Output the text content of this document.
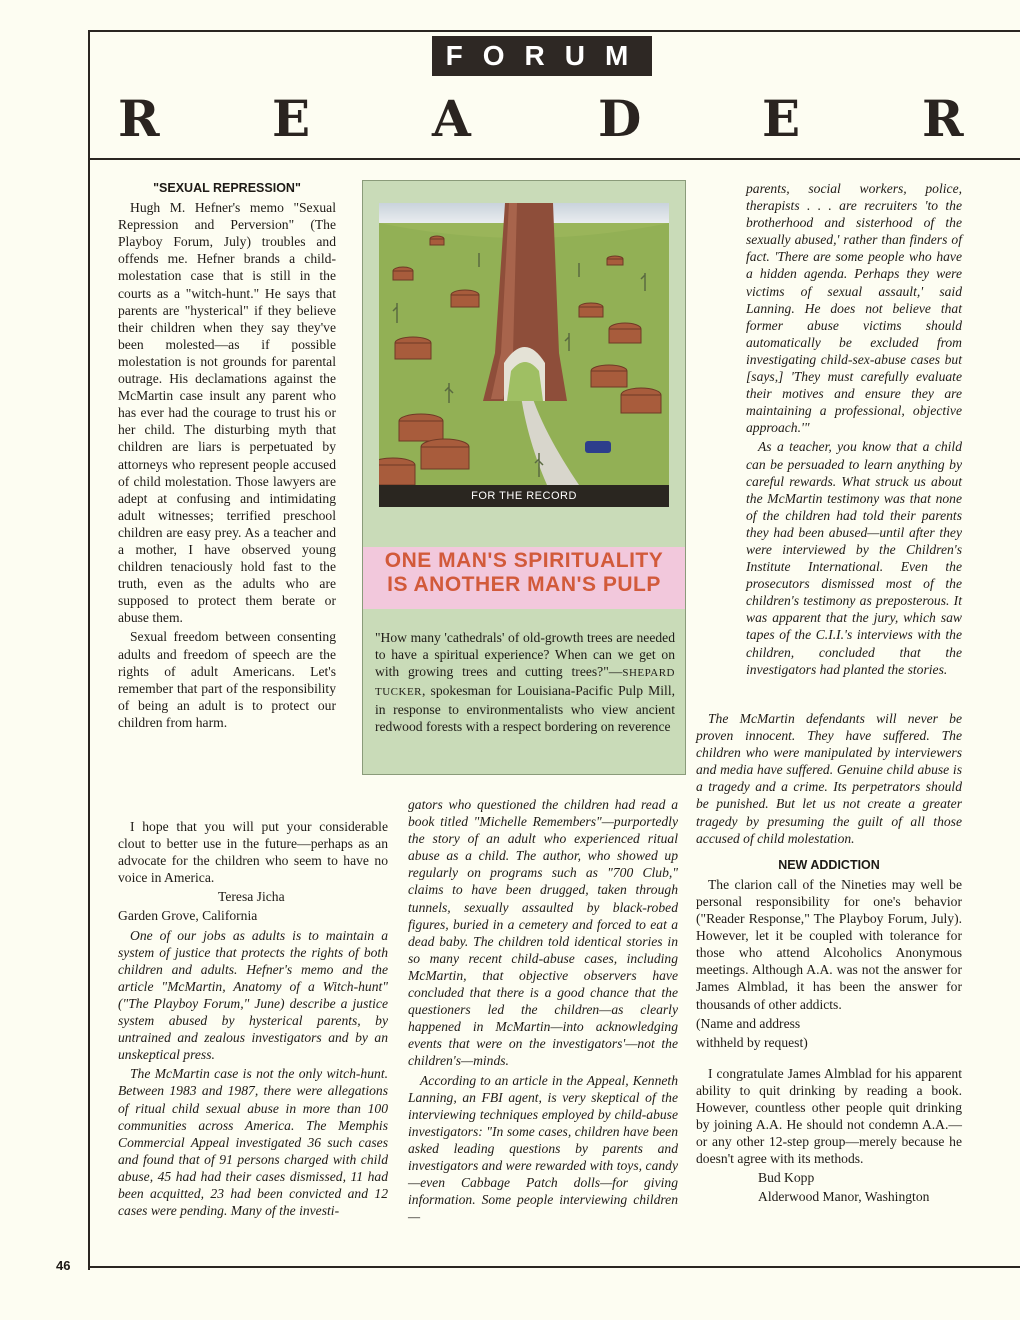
FORUM
R E A	D E R
"SEXUAL REPRESSION"

Hugh M. Hefner's memo "Sexual Repression and Perversion" (The Playboy Forum, July) troubles and offends me. Hefner brands a child-molestation case that is still in the courts as a "witch-hunt." He says that parents are "hysterical" if they believe their children when they say they've been molested—as if possible molestation is not grounds for parental outrage. His declamations against the McMartin case insult any parent who has ever had the courage to trust his or her child. The disturbing myth that children are liars is perpetuated by attorneys who represent people accused of child molestation. Those lawyers are adept at confusing and intimidating adult witnesses; terrified preschool children are easy prey. As a teacher and a mother, I have observed young children tenaciously hold fast to the truth, even as the adults who are supposed to protect them berate or abuse them.

Sexual freedom between consenting adults and freedom of speech are the rights of adult Americans. Let's remember that part of the responsibility of being an adult is to protect our children from harm.

I hope that you will put your considerable clout to better use in the future—perhaps as an advocate for the children who seem to have no voice in America.

Teresa Jicha

Garden Grove, California

One of our jobs as adults is to maintain a system of justice that protects the rights of both children and adults. Hefner's memo and the article "McMartin, Anatomy of a Witch-hunt" ("The Playboy Forum," June) describe a justice system abused by hysterical parents, by untrained and zealous investigators and by an unskeptical press.

The McMartin case is not the only witch-hunt. Between 1983 and 1987, there were allegations of ritual child sexual abuse in more than 100 communities across America. The Memphis Commercial Appeal investigated 36 such cases and found that of 91 persons charged with child abuse, 45 had had their cases dismissed, 11 had been acquitted, 23 had been convicted and 12 cases were pending. Many of the investi-

FOR THE RECORD
ONE MAN'S SPIRITUALITY
IS ANOTHER MAN'S PULP

"How many 'cathedrals' of old-growth trees are needed to have a spiritual experience? When can we get on with growing trees and cutting trees?"—SHEPARD TUCKER, spokesman for Louisiana-Pacific Pulp Mill, in response to environmentalists who view ancient redwood forests with a respect bordering on reverence

gators who questioned the children had read a book titled "Michelle Remembers"—purportedly the story of an adult who experienced ritual abuse as a child. The author, who showed up regularly on programs such as "700 Club," claims to have been drugged, taken through tunnels, sexually assaulted by black-robed figures, buried in a cemetery and forced to eat a dead baby. The children told identical stories in so many recent child-abuse cases, including McMartin, that objective observers have concluded that there is a good chance that the questioners led the children—as clearly happened in McMartin—into acknowledging events that were on the investigators'—not the children's—minds.

According to an article in the Appeal, Kenneth Lanning, an FBI agent, is very skeptical of the interviewing techniques employed by child-abuse investigators: "In some cases, children have been asked leading questions by parents and investigators and were rewarded with toys, candy—even Cabbage Patch dolls—for giving information. Some people interviewing children—

parents, social workers, police, therapists . . . are recruiters 'to the brotherhood and sisterhood of the sexually abused,' rather than finders of fact. 'There are some people who have a hidden agenda. Perhaps they were victims of sexual assault,' said Lanning. He does not believe that former abuse victims should automatically be excluded from investigating child-sex-abuse cases but [says,] 'They must carefully evaluate their motives and ensure they are maintaining a professional, objective approach.'"

As a teacher, you know that a child can be persuaded to learn anything by careful rewards. What struck us about the McMartin testimony was that none of the children had told their parents they had been abused—until after they were interviewed by the Children's Institute International. Even the prosecutors dismissed most of the children's testimony as preposterous. It was apparent that the jury, which saw tapes of the C.I.I.'s interviews with the children, concluded that the investigators had planted the stories.

The McMartin defendants will never be proven innocent. They have suffered. The children who were manipulated by interviewers and media have suffered. Genuine child abuse is a tragedy and a crime. Its perpetrators should be punished. But let us not create a greater tragedy by presuming the guilt of all those accused of child molestation.

NEW ADDICTION

The clarion call of the Nineties may well be personal responsibility for one's behavior ("Reader Response," The Playboy Forum, July). However, let it be coupled with tolerance for those who attend Alcoholics Anonymous meetings. Although A.A. was not the answer for James Almblad, it has been the answer for thousands of other addicts.

(Name and address

withheld by request)

I congratulate James Almblad for his apparent ability to quit drinking by reading a book. However, countless other people quit drinking by joining A.A. He should not condemn A.A.—or any other 12-step group—merely because he doesn't agree with its methods.

Bud Kopp

Alderwood Manor, Washington

46
